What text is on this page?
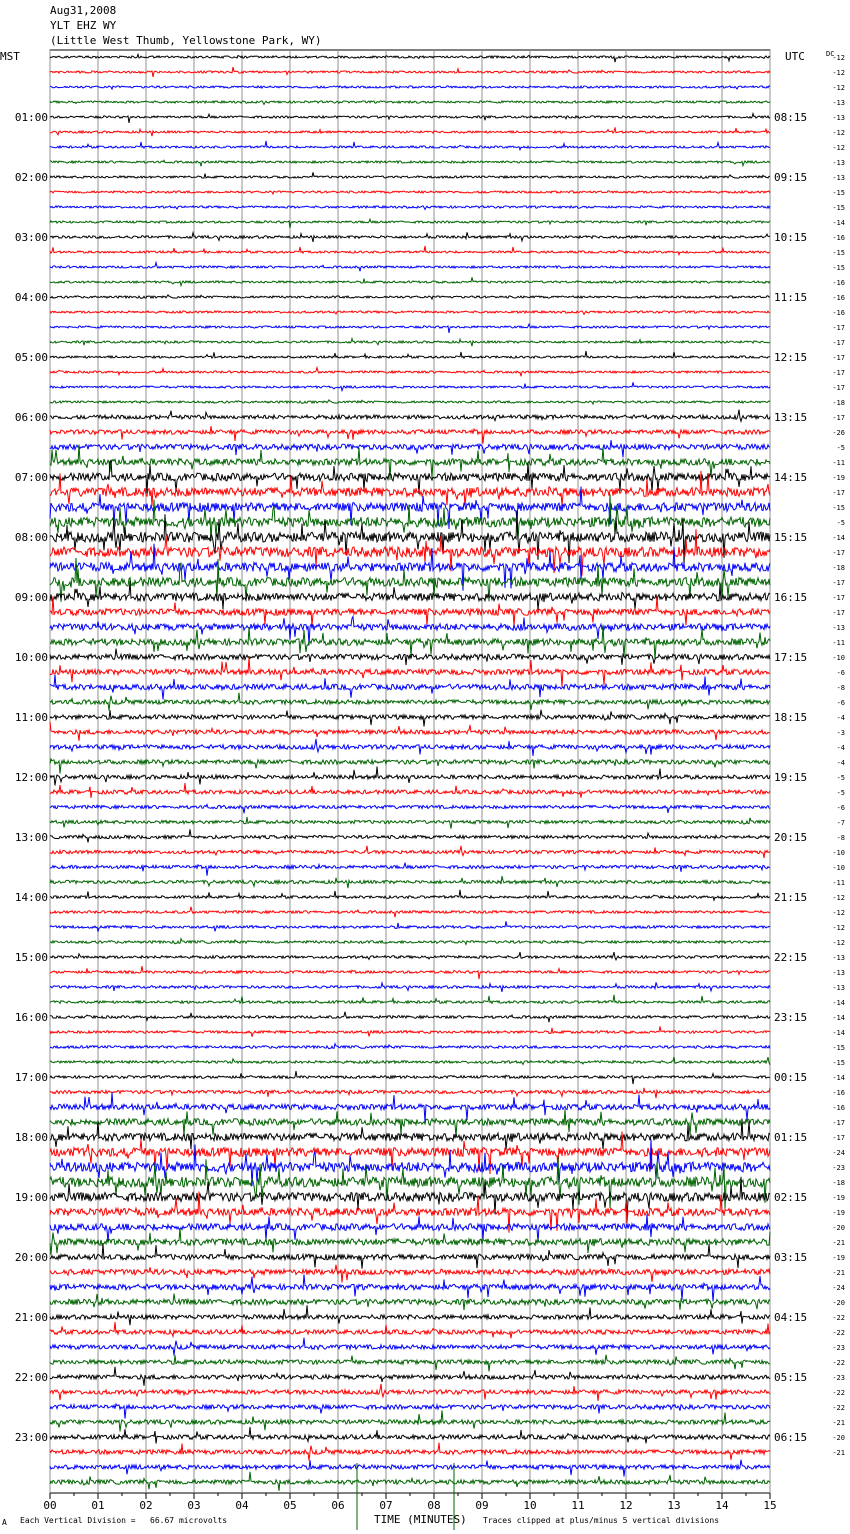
Aug31,2008
YLT EHZ WY
(Little West Thumb, Yellowstone Park, WY)
MST	UTC	DC
00	01	02	03	04	05	06	07	08	09	10	11	12	13	14	15
-12
-12
-12
-13
-13
-12
-12
-13
-13
-15
-15
-14
-16
-15
-15
-16
-16
-16
-17
-17
-17
-17
-17
-18
-17
-26
-5
-11
-19
-17
-15
-5
-14
-17
-18
-17
-17
-17
-13
-11
-10
-6
-8
-6
-4
-3
-4
-4
-5
-5
-6
-7
-8
-10
-10
-11
-12
-12
-12
-12
-13
-13
-13
-14
-14
-14
-15
-15
-14
-16
-16
-17
-17
-24
-23
-18
-19
-19
-20
-21
-19
-21
-24
-20
-22
-22
-23
-22
-23
-22
-22
-21
-20
-21
01:00	08:15
02:00	09:15
03:00	10:15
04:00	11:15
05:00	12:15
06:00	13:15
07:00	14:15
08:00	15:15
09:00	16:15
10:00	17:15
11:00	18:15
12:00	19:15
13:00	20:15
14:00	21:15
15:00	22:15
16:00	23:15
17:00	00:15
18:00	01:15
19:00	02:15
20:00	03:15
21:00	04:15
22:00	05:15
23:00	06:15
A Each Vertical Division =   66.67 microvolts	TIME (MINUTES) Traces clipped at plus/minus 5 vertical divisions
